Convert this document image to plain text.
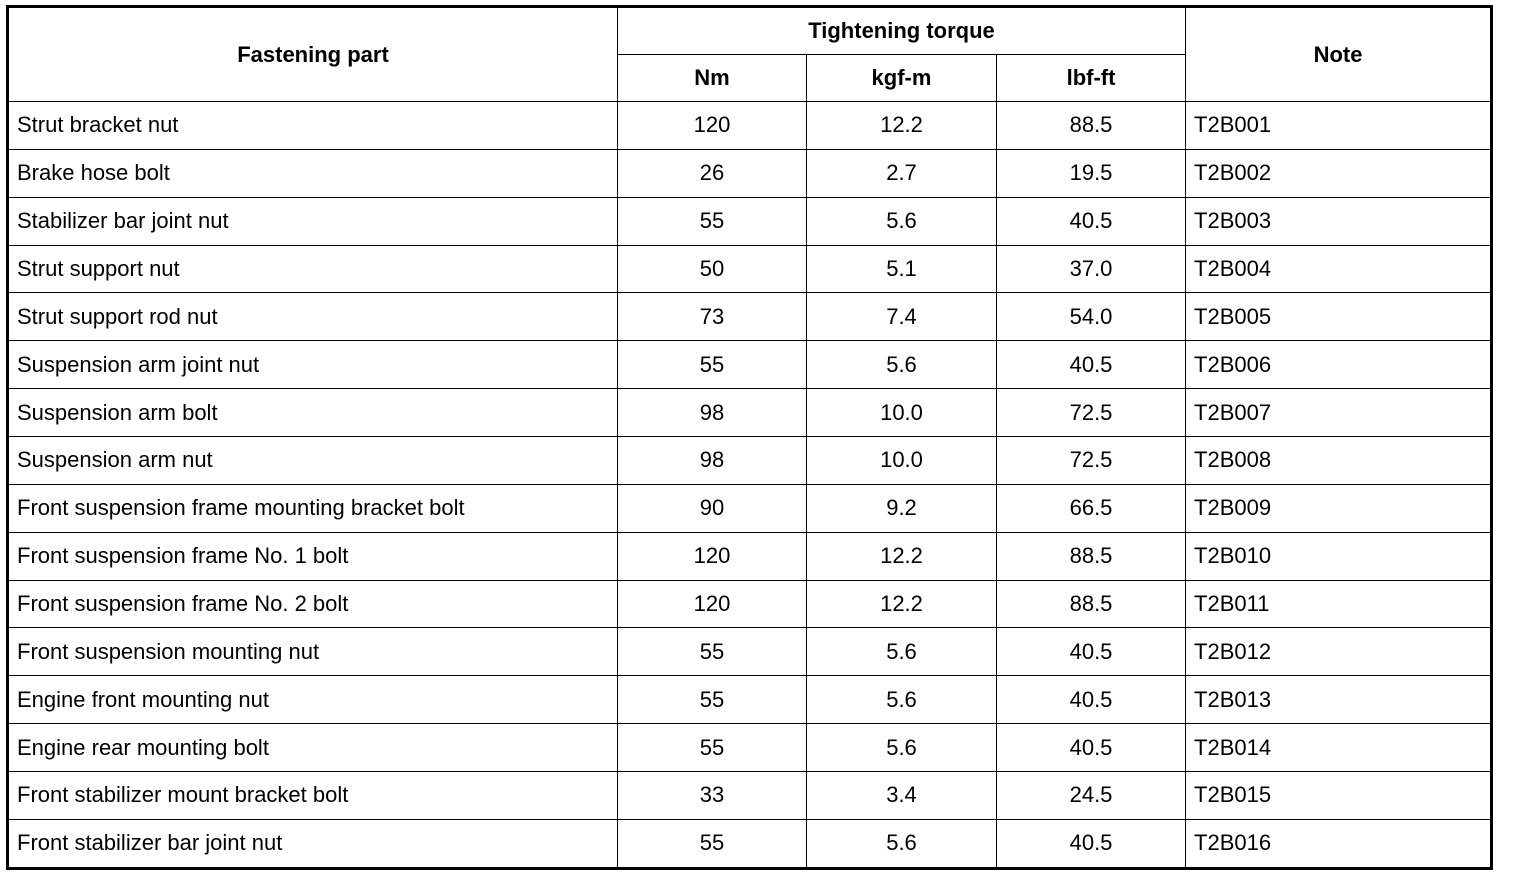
Fastening part	Tightening torque			Note
	Nm	kgf-m	lbf-ft	
Strut bracket nut	120	12.2	88.5	T2B001
Brake hose bolt	26	2.7	19.5	T2B002
Stabilizer bar joint nut	55	5.6	40.5	T2B003
Strut support nut	50	5.1	37.0	T2B004
Strut support rod nut	73	7.4	54.0	T2B005
Suspension arm joint nut	55	5.6	40.5	T2B006
Suspension arm bolt	98	10.0	72.5	T2B007
Suspension arm nut	98	10.0	72.5	T2B008
Front suspension frame mounting bracket bolt	90	9.2	66.5	T2B009
Front suspension frame No. 1 bolt	120	12.2	88.5	T2B010
Front suspension frame No. 2 bolt	120	12.2	88.5	T2B011
Front suspension mounting nut	55	5.6	40.5	T2B012
Engine front mounting nut	55	5.6	40.5	T2B013
Engine rear mounting bolt	55	5.6	40.5	T2B014
Front stabilizer mount bracket bolt	33	3.4	24.5	T2B015
Front stabilizer bar joint nut	55	5.6	40.5	T2B016
